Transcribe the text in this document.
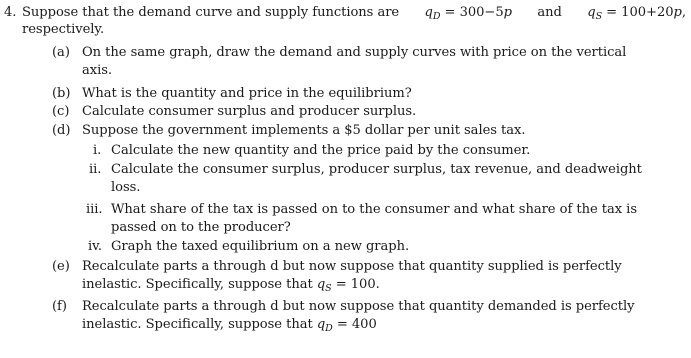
4. Suppose that the demand curve and supply functions are $q_D = 300-5p$ and $q_S = 100+20p$,
respectively.
(a) On the same graph, draw the demand and supply curves with price on the vertical
axis.
(b) What is the quantity and price in the equilibrium?
(c) Calculate consumer surplus and producer surplus.
(d) Suppose the government implements a $5 dollar per unit sales tax.
i. Calculate the new quantity and the price paid by the consumer.
ii. Calculate the consumer surplus, producer surplus, tax revenue, and deadweight
loss.
iii. What share of the tax is passed on to the consumer and what share of the tax is
passed on to the producer?
iv. Graph the taxed equilibrium on a new graph.
(e) Recalculate parts a through d but now suppose that quantity supplied is perfectly
inelastic. Specifically, suppose that $q_S = 100$.
(f) Recalculate parts a through d but now suppose that quantity demanded is perfectly
inelastic. Specifically, suppose that $q_D = 400$
